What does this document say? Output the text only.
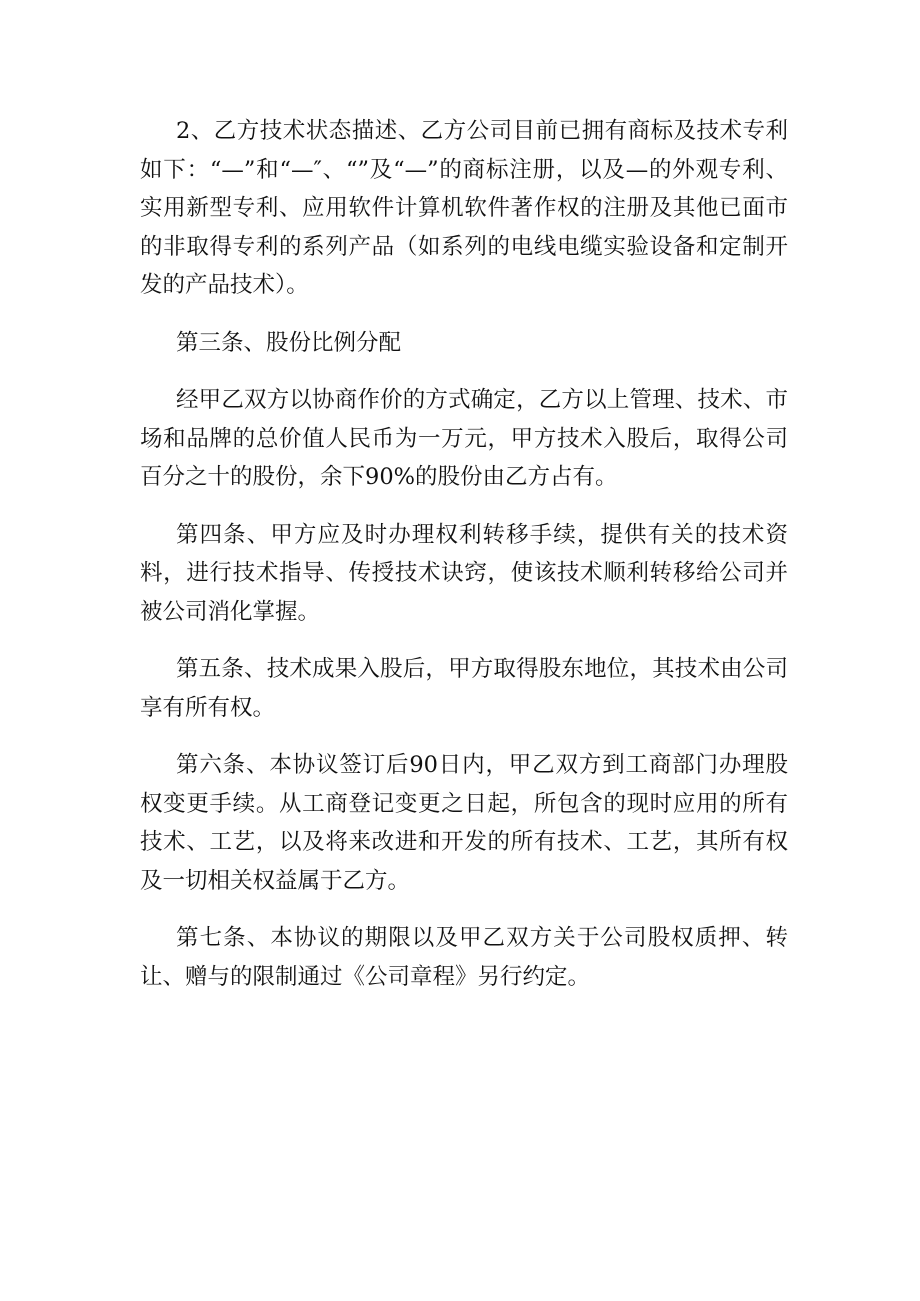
2、乙方技术状态描述、乙方公司目前已拥有商标及技术专利如下：“—”和“—″、“”及“—”的商标注册，以及—的外观专利、实用新型专利、应用软件计算机软件著作权的注册及其他已面市的非取得专利的系列产品（如系列的电线电缆实验设备和定制开发的产品技术）。

第三条、股份比例分配

经甲乙双方以协商作价的方式确定，乙方以上管理、技术、市场和品牌的总价值人民币为一万元，甲方技术入股后，取得公司百分之十的股份，余下90%的股份由乙方占有。

第四条、甲方应及时办理权利转移手续，提供有关的技术资料，进行技术指导、传授技术诀窍，使该技术顺利转移给公司并被公司消化掌握。

第五条、技术成果入股后，甲方取得股东地位，其技术由公司享有所有权。

第六条、本协议签订后90日内，甲乙双方到工商部门办理股权变更手续。从工商登记变更之日起，所包含的现时应用的所有技术、工艺，以及将来改进和开发的所有技术、工艺，其所有权及一切相关权益属于乙方。

第七条、本协议的期限以及甲乙双方关于公司股权质押、转让、赠与的限制通过《公司章程》另行约定。
